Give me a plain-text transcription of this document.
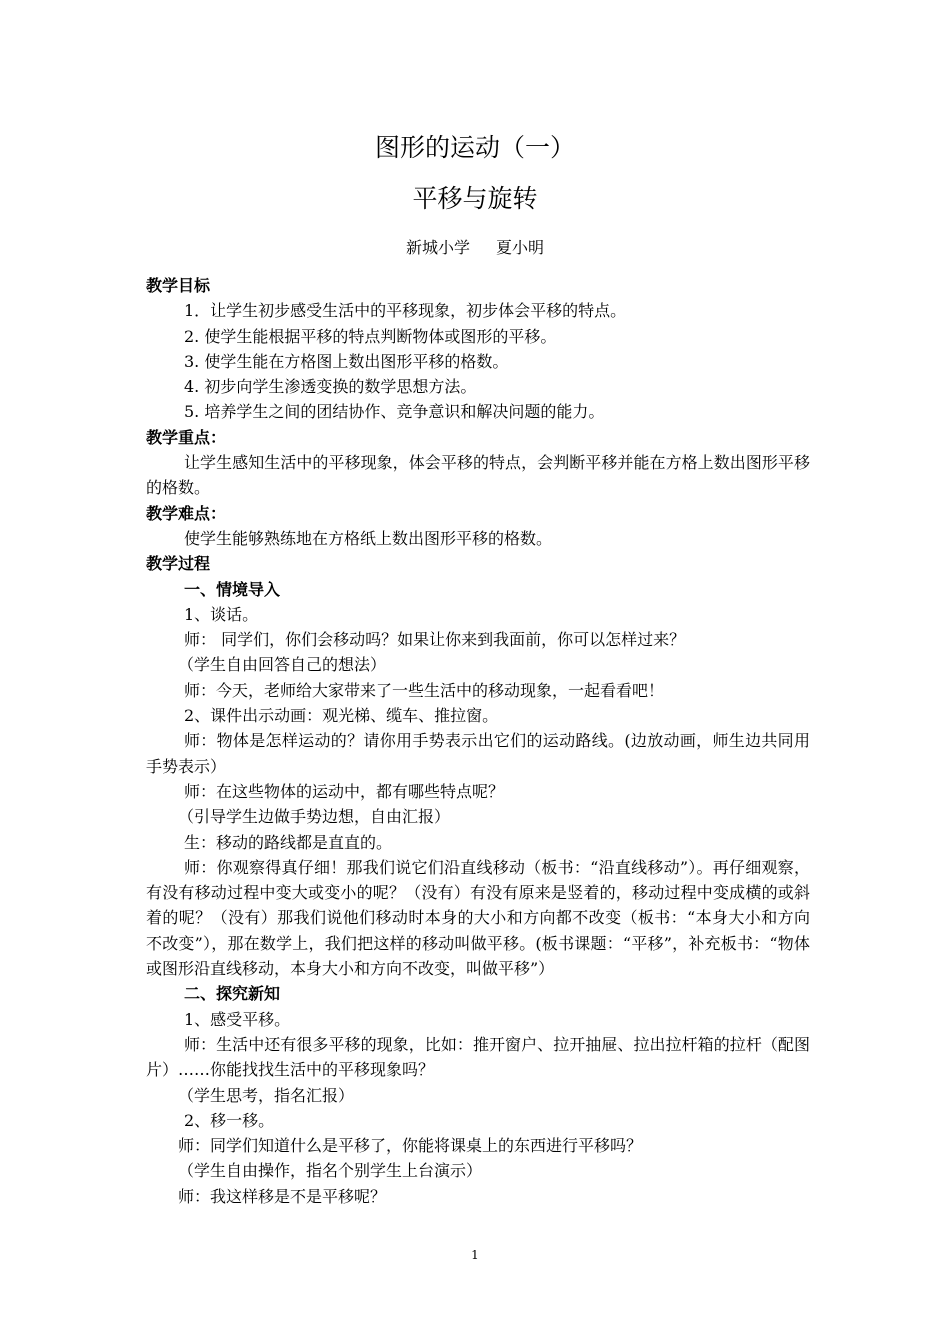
图形的运动（一）
平移与旋转
新城小学 夏小明

教学目标

1．让学生初步感受生活中的平移现象，初步体会平移的特点。

2. 使学生能根据平移的特点判断物体或图形的平移。

3. 使学生能在方格图上数出图形平移的格数。

4. 初步向学生渗透变换的数学思想方法。

5. 培养学生之间的团结协作、竞争意识和解决问题的能力。

教学重点：

让学生感知生活中的平移现象，体会平移的特点，会判断平移并能在方格上数出图形平移的格数。

教学难点：

使学生能够熟练地在方格纸上数出图形平移的格数。

教学过程

一、情境导入

1、谈话。

师： 同学们，你们会移动吗？如果让你来到我面前，你可以怎样过来？

（学生自由回答自己的想法）

师：今天，老师给大家带来了一些生活中的移动现象，一起看看吧！

2、课件出示动画：观光梯、缆车、推拉窗。

师：物体是怎样运动的？请你用手势表示出它们的运动路线。(边放动画，师生边共同用手势表示）

师：在这些物体的运动中，都有哪些特点呢？

（引导学生边做手势边想，自由汇报）

生：移动的路线都是直直的。

师：你观察得真仔细！那我们说它们沿直线移动（板书：“沿直线移动”）。再仔细观察，有没有移动过程中变大或变小的呢？（没有）有没有原来是竖着的，移动过程中变成横的或斜着的呢？（没有）那我们说他们移动时本身的大小和方向都不改变（板书：“本身大小和方向不改变”），那在数学上，我们把这样的移动叫做平移。(板书课题：“平移”，补充板书：“物体或图形沿直线移动，本身大小和方向不改变，叫做平移”）

二、探究新知

1、感受平移。

师：生活中还有很多平移的现象，比如：推开窗户、拉开抽屉、拉出拉杆箱的拉杆（配图片）……你能找找生活中的平移现象吗？

（学生思考，指名汇报）

2、移一移。

师：同学们知道什么是平移了，你能将课桌上的东西进行平移吗？

（学生自由操作，指名个别学生上台演示）

师：我这样移是不是平移呢？

1
